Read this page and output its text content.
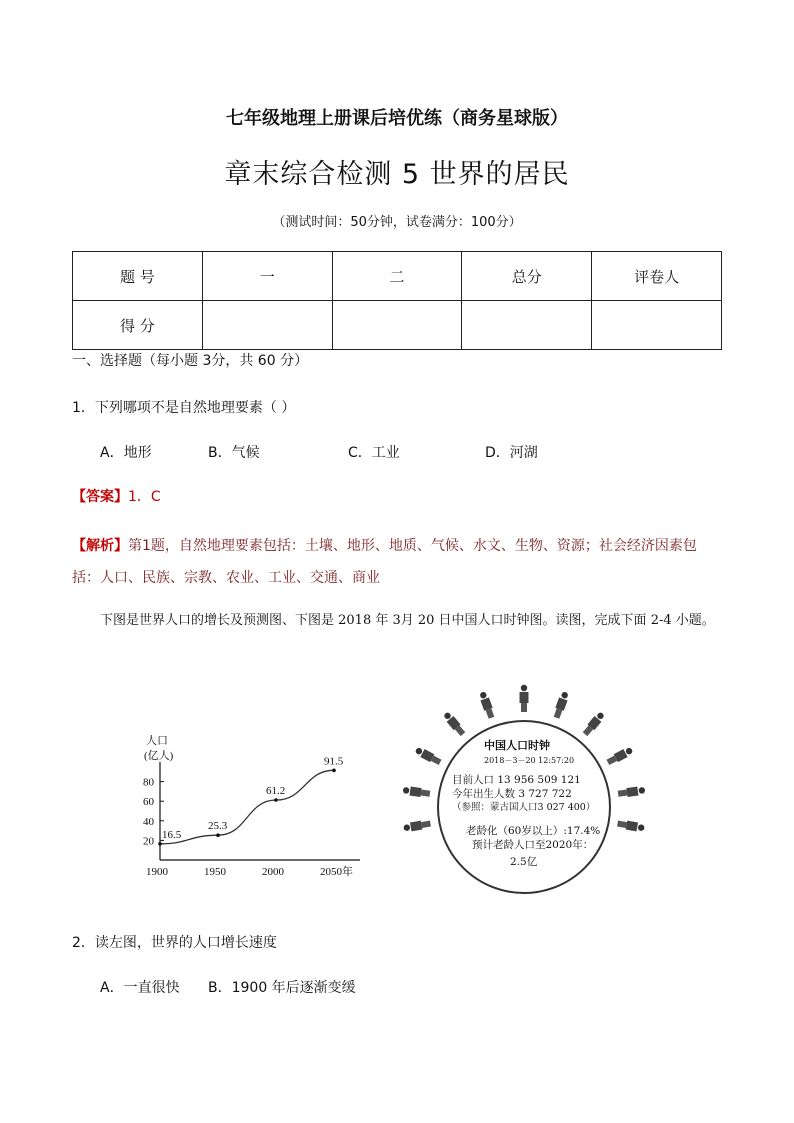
七年级地理上册课后培优练（商务星球版）
章末综合检测 5 世界的居民
（测试时间：50分钟，试卷满分：100分）
题 号	一	二	总分	评卷人
得 分				
一、选择题（每小题 3分，共 60 分）
1．下列哪项不是自然地理要素（ ）
A．地形	B．气候	C．工业	D．河湖
【答案】1．C
【解析】第1题，自然地理要素包括：土壤、地形、地质、气候、水文、生物、资源；社会经济因素包括：人口、民族、宗教、农业、工业、交通、商业
下图是世界人口的增长及预测图、下图是 2018 年 3月 20 日中国人口时钟图。读图，完成下面 2-4 小题。
人口
(亿人)
20
40
60
80
1900	1950	2000	2050年
16.5
25.3
61.2
91.5
中国人口时钟
2018－3－20 12:57:20
目前人口 13 956 509 121
今年出生人数 3 727 722
（参照：蒙古国人口3 027 400）
老龄化（60岁以上）:17.4%
预计老龄人口至2020年：
2.5亿
2．读左图，世界的人口增长速度
A．一直很快 B．1900 年后逐渐变缓
